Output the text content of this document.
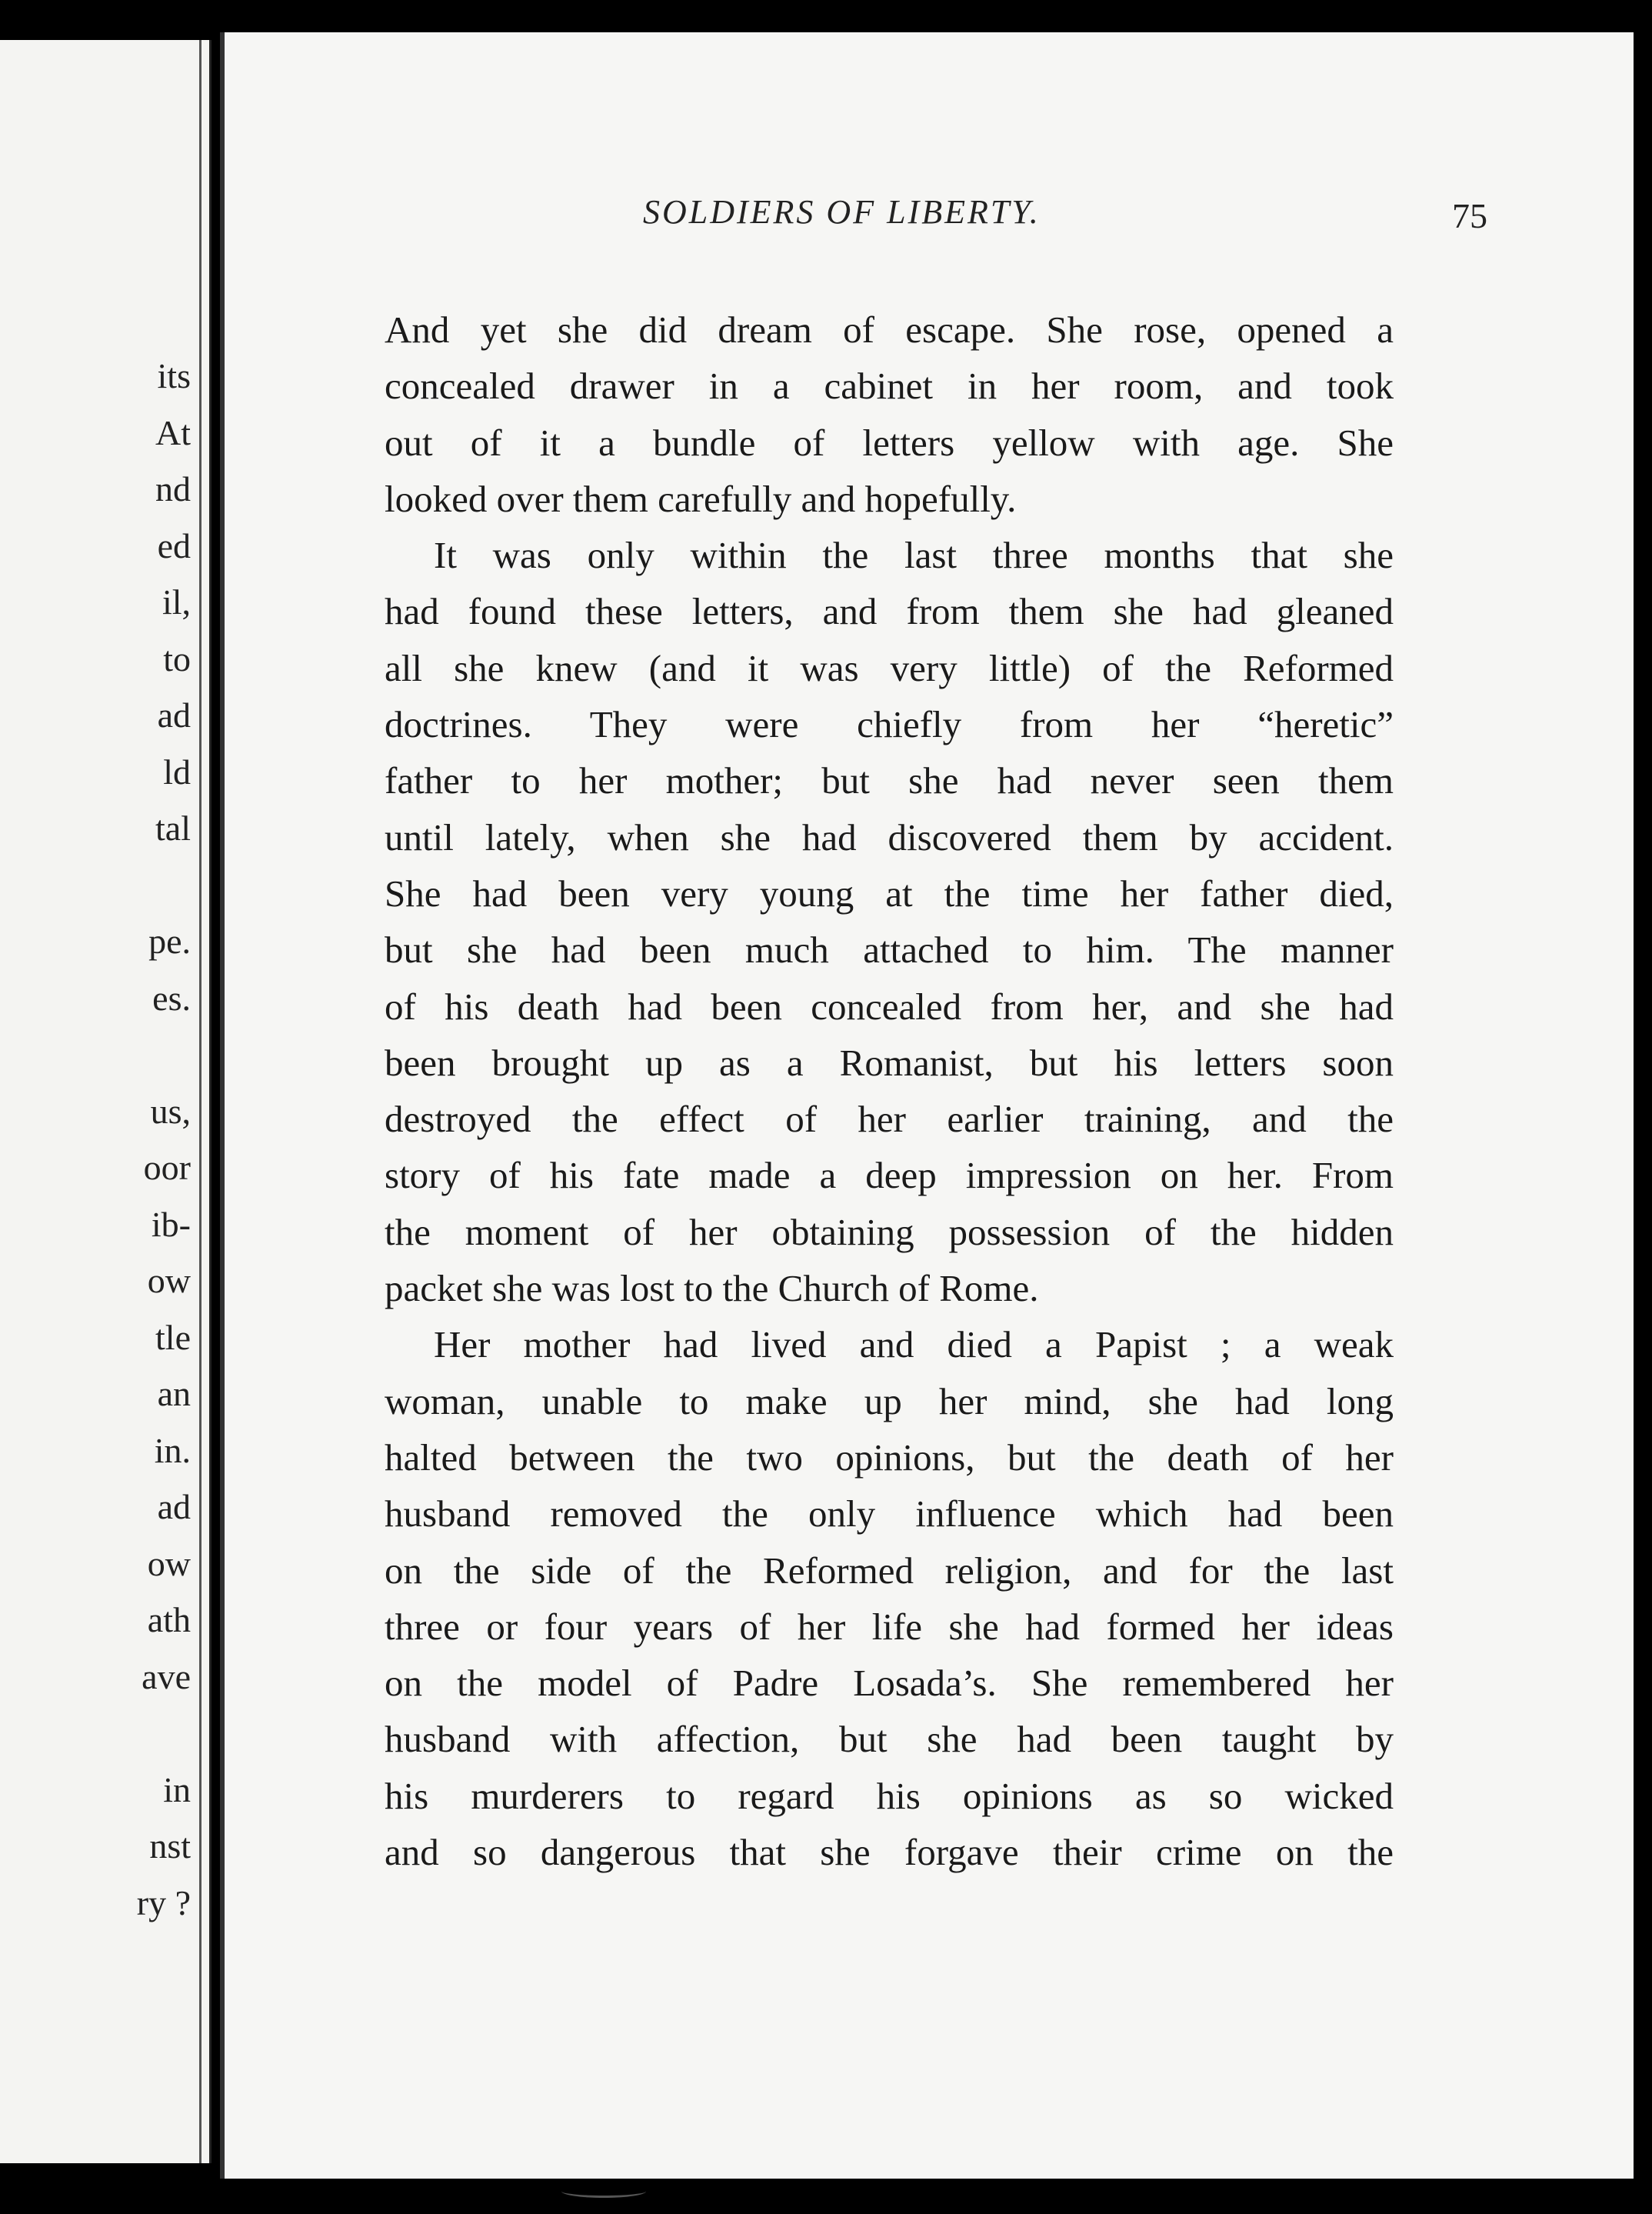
its
At
nd
ed
il,
to
ad
ld
tal
pe.
es.
us,
oor
ib-
ow
tle
an
in.
ad
ow
ath
ave
in
nst
ry ?
SOLDIERS OF LIBERTY.	75
And yet she did dream of escape. She rose, opened a
concealed drawer in a cabinet in her room, and took
out of it a bundle of letters yellow with age. She
looked over them carefully and hopefully.
It was only within the last three months that she
had found these letters, and from them she had gleaned
all she knew (and it was very little) of the Reformed
doctrines. They were chiefly from her “heretic”
father to her mother; but she had never seen them
until lately, when she had discovered them by accident.
She had been very young at the time her father died,
but she had been much attached to him. The manner
of his death had been concealed from her, and she had
been brought up as a Romanist, but his letters soon
destroyed the effect of her earlier training, and the
story of his fate made a deep impression on her. From
the moment of her obtaining possession of the hidden
packet she was lost to the Church of Rome.
Her mother had lived and died a Papist ; a weak
woman, unable to make up her mind, she had long
halted between the two opinions, but the death of her
husband removed the only influence which had been
on the side of the Reformed religion, and for the last
three or four years of her life she had formed her ideas
on the model of Padre Losada’s. She remembered her
husband with affection, but she had been taught by
his murderers to regard his opinions as so wicked
and so dangerous that she forgave their crime on the
